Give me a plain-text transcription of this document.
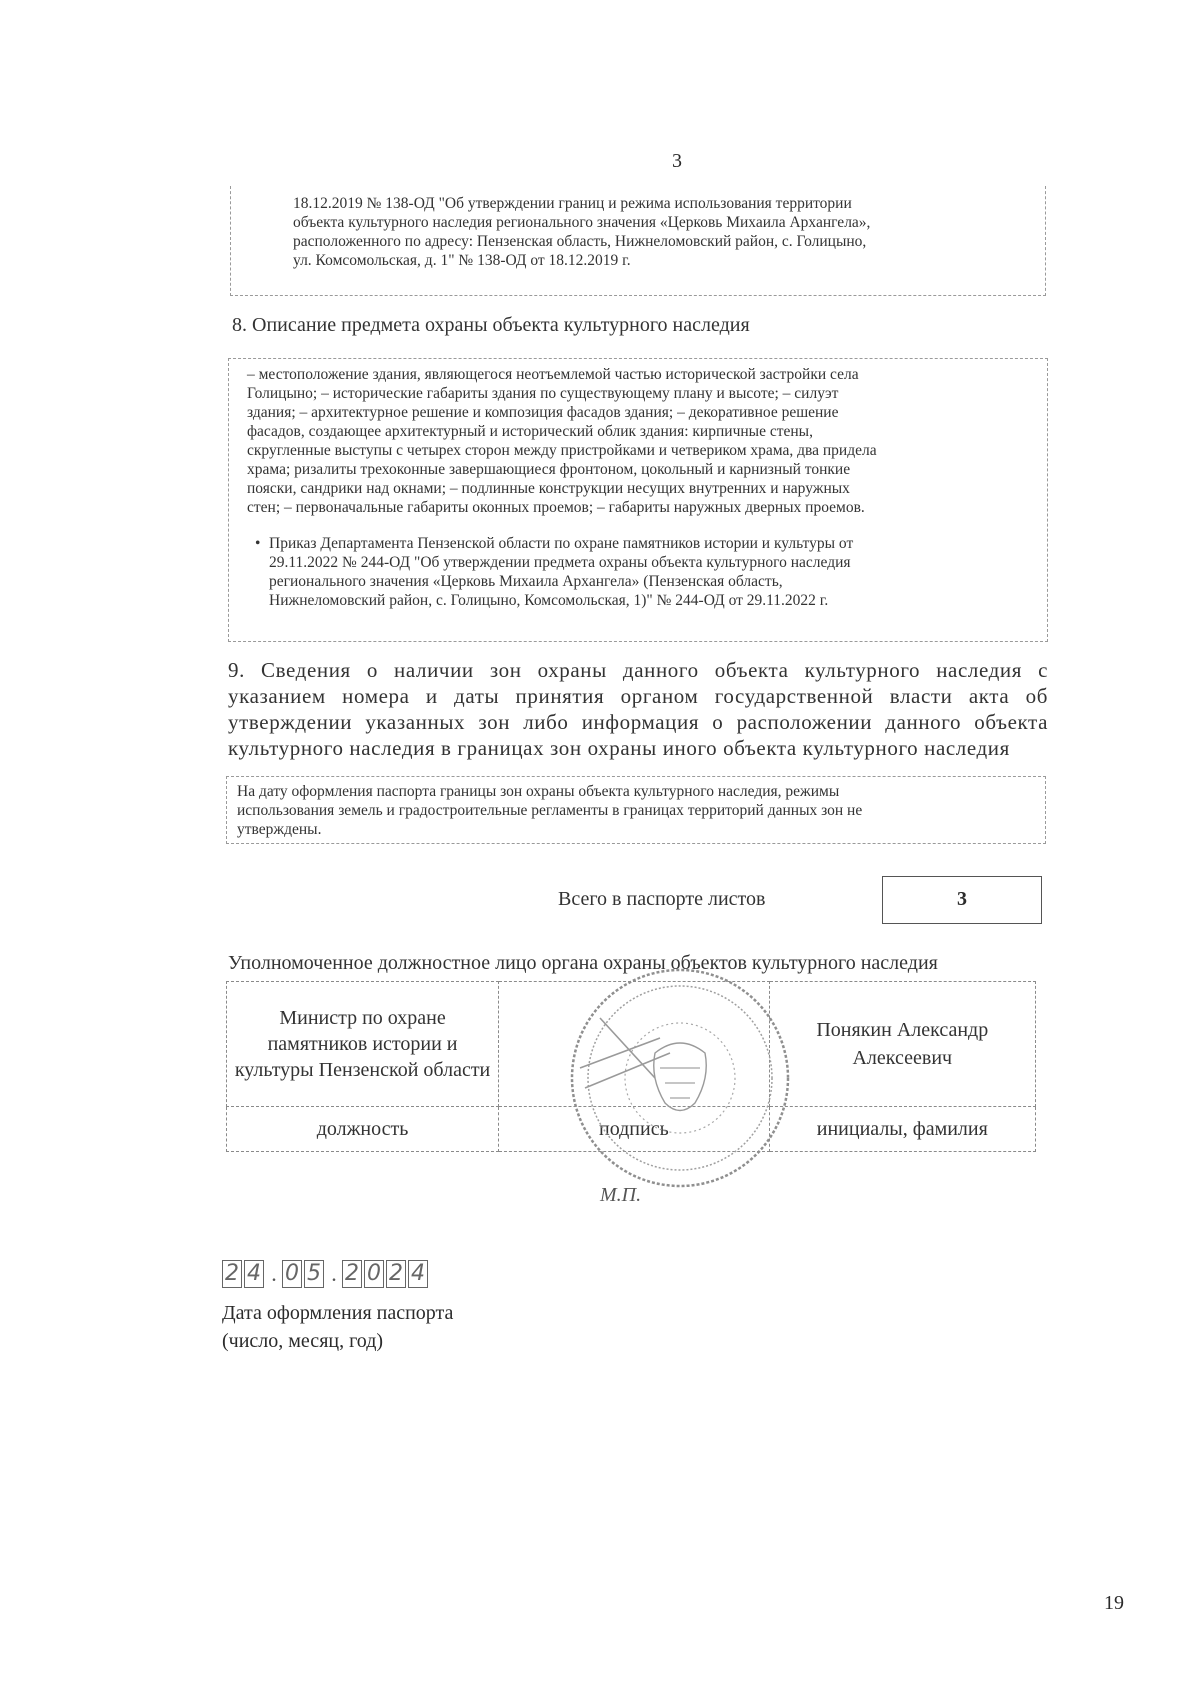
3
18.12.2019 № 138-ОД "Об утверждении границ и режима использования территории
объекта культурного наследия регионального значения «Церковь Михаила Архангела»,
расположенного по адресу: Пензенская область, Нижнеломовский район, с. Голицыно,
ул. Комсомольская, д. 1" № 138-ОД от 18.12.2019 г.
8. Описание предмета охраны объекта культурного наследия
– местоположение здания, являющегося неотъемлемой частью исторической застройки села
Голицыно; – исторические габариты здания по существующему плану и высоте; – силуэт
здания; – архитектурное решение и композиция фасадов здания; – декоративное решение
фасадов, создающее архитектурный и исторический облик здания: кирпичные стены,
скругленные выступы с четырех сторон между пристройками и четвериком храма, два придела
храма; ризалиты трехоконные завершающиеся фронтоном, цокольный и карнизный тонкие
пояски, сандрики над окнами; – подлинные конструкции несущих внутренних и наружных
стен; – первоначальные габариты оконных проемов; – габариты наружных дверных проемов.
• Приказ Департамента Пензенской области по охране памятников истории и культуры от
29.11.2022 № 244-ОД "Об утверждении предмета охраны объекта культурного наследия
регионального значения «Церковь Михаила Архангела» (Пензенская область,
Нижнеломовский район, с. Голицыно, Комсомольская, 1)" № 244-ОД от 29.11.2022 г.
9. Сведения о наличии зон охраны данного объекта культурного наследия с указанием номера и даты принятия органом государственной власти акта об утверждении указанных зон либо информация о расположении данного объекта культурного наследия в границах зон охраны иного объекта культурного наследия
На дату оформления паспорта границы зон охраны объекта культурного наследия, режимы
использования земель и градостроительные регламенты в границах территорий данных зон не
утверждены.
Всего в паспорте листов	3
Уполномоченное должностное лицо органа охраны объектов культурного наследия
Министр по охране памятников истории и культуры Пензенской области		Понякин Александр Алексеевич
должность	подпись	инициалы, фамилия
М.П.
2 4 . 0 5 . 2 0 2 4
Дата оформления паспорта
(число, месяц, год)
19
